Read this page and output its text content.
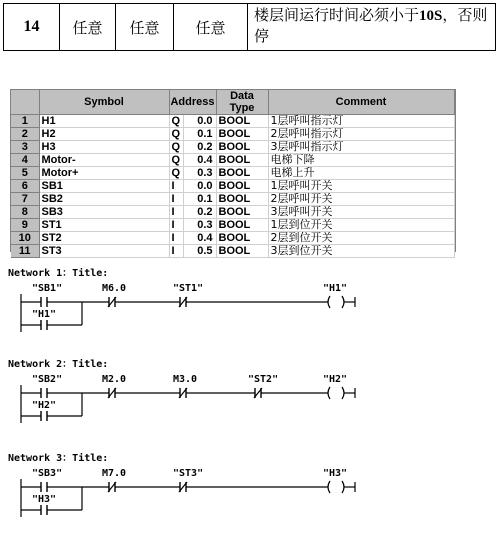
14	任意	任意	任意	楼层间运行时间必须小于10S，否则停
	Symbol	Address		Data Type	Comment
1	H1	Q	0.0	BOOL	1层呼叫指示灯
2	H2	Q	0.1	BOOL	2层呼叫指示灯
3	H3	Q	0.2	BOOL	3层呼叫指示灯
4	Motor-	Q	0.4	BOOL	电梯下降
5	Motor+	Q	0.3	BOOL	电梯上升
6	SB1	I	0.0	BOOL	1层呼叫开关
7	SB2	I	0.1	BOOL	2层呼叫开关
8	SB3	I	0.2	BOOL	3层呼叫开关
9	ST1	I	0.3	BOOL	1层到位开关
10	ST2	I	0.4	BOOL	2层到位开关
11	ST3	I	0.5	BOOL	3层到位开关
Network 1：Title:
"SB1"
"H1"
M6.0	"ST1"	"H1"
Network 2：Title:
"SB2"
"H2"
M2.0	M3.0	"ST2"	"H2"
Network 3：Title:
"SB3"
"H3"
M7.0	"ST3"	"H3"
